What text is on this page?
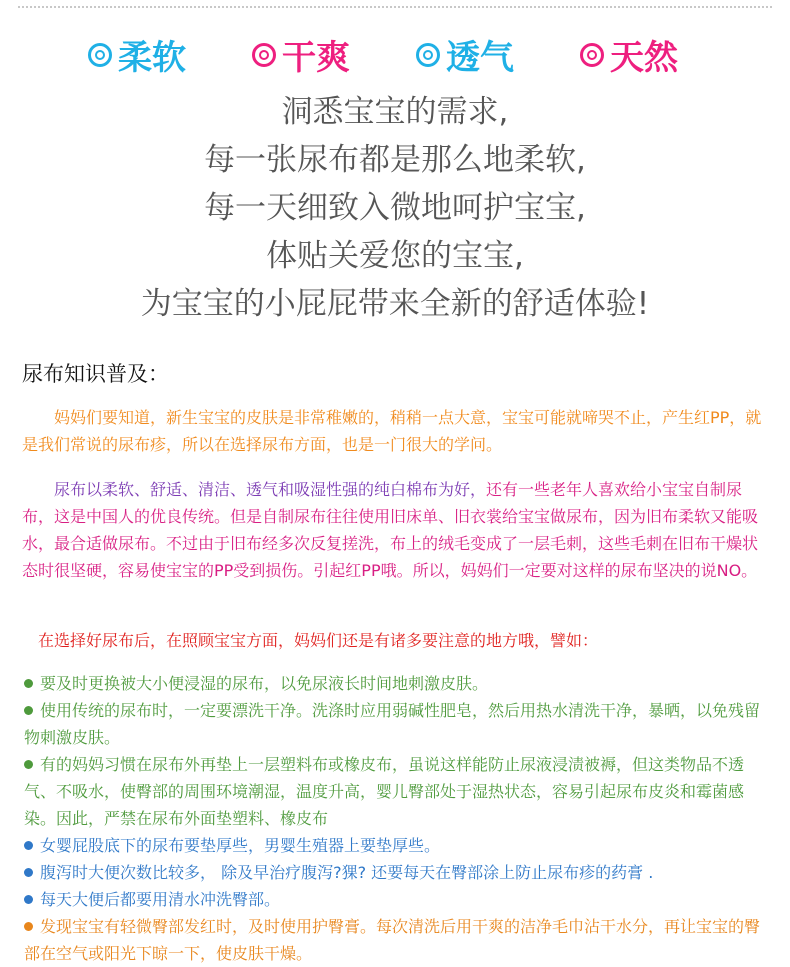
柔软	干爽	透气	天然
洞悉宝宝的需求,
每一张尿布都是那么地柔软,
每一天细致入微地呵护宝宝,
体贴关爱您的宝宝,
为宝宝的小屁屁带来全新的舒适体验!
尿布知识普及：
妈妈们要知道，新生宝宝的皮肤是非常稚嫩的，稍稍一点大意，宝宝可能就啼哭不止，产生红PP，就是我们常说的尿布疹，所以在选择尿布方面，也是一门很大的学问。
尿布以柔软、舒适、清洁、透气和吸湿性强的纯白棉布为好，还有一些老年人喜欢给小宝宝自制尿布，这是中国人的优良传统。但是自制尿布往往使用旧床单、旧衣裳给宝宝做尿布，因为旧布柔软又能吸水，最合适做尿布。不过由于旧布经多次反复搓洗，布上的绒毛变成了一层毛刺，这些毛刺在旧布干燥状态时很坚硬，容易使宝宝的PP受到损伤。引起红PP哦。所以，妈妈们一定要对这样的尿布坚决的说NO。
在选择好尿布后，在照顾宝宝方面，妈妈们还是有诸多要注意的地方哦，譬如：
要及时更换被大小便浸湿的尿布，以免尿液长时间地刺激皮肤。
使用传统的尿布时，一定要漂洗干净。洗涤时应用弱碱性肥皂，然后用热水清洗干净，暴晒，以免残留物刺激皮肤。
有的妈妈习惯在尿布外再垫上一层塑料布或橡皮布，虽说这样能防止尿液浸渍被褥，但这类物品不透气、不吸水，使臀部的周围环境潮湿，温度升高，婴儿臀部处于湿热状态，容易引起尿布皮炎和霉菌感染。因此，严禁在尿布外面垫塑料、橡皮布
女婴屁股底下的尿布要垫厚些，男婴生殖器上要垫厚些。
腹泻时大便次数比较多， 除及早治疗腹泻?猓? 还要每天在臀部涂上防止尿布疹的药膏 .
每天大便后都要用清水冲洗臀部。
发现宝宝有轻微臀部发红时，及时使用护臀膏。每次清洗后用干爽的洁净毛巾沾干水分，再让宝宝的臀部在空气或阳光下晾一下，使皮肤干燥。
